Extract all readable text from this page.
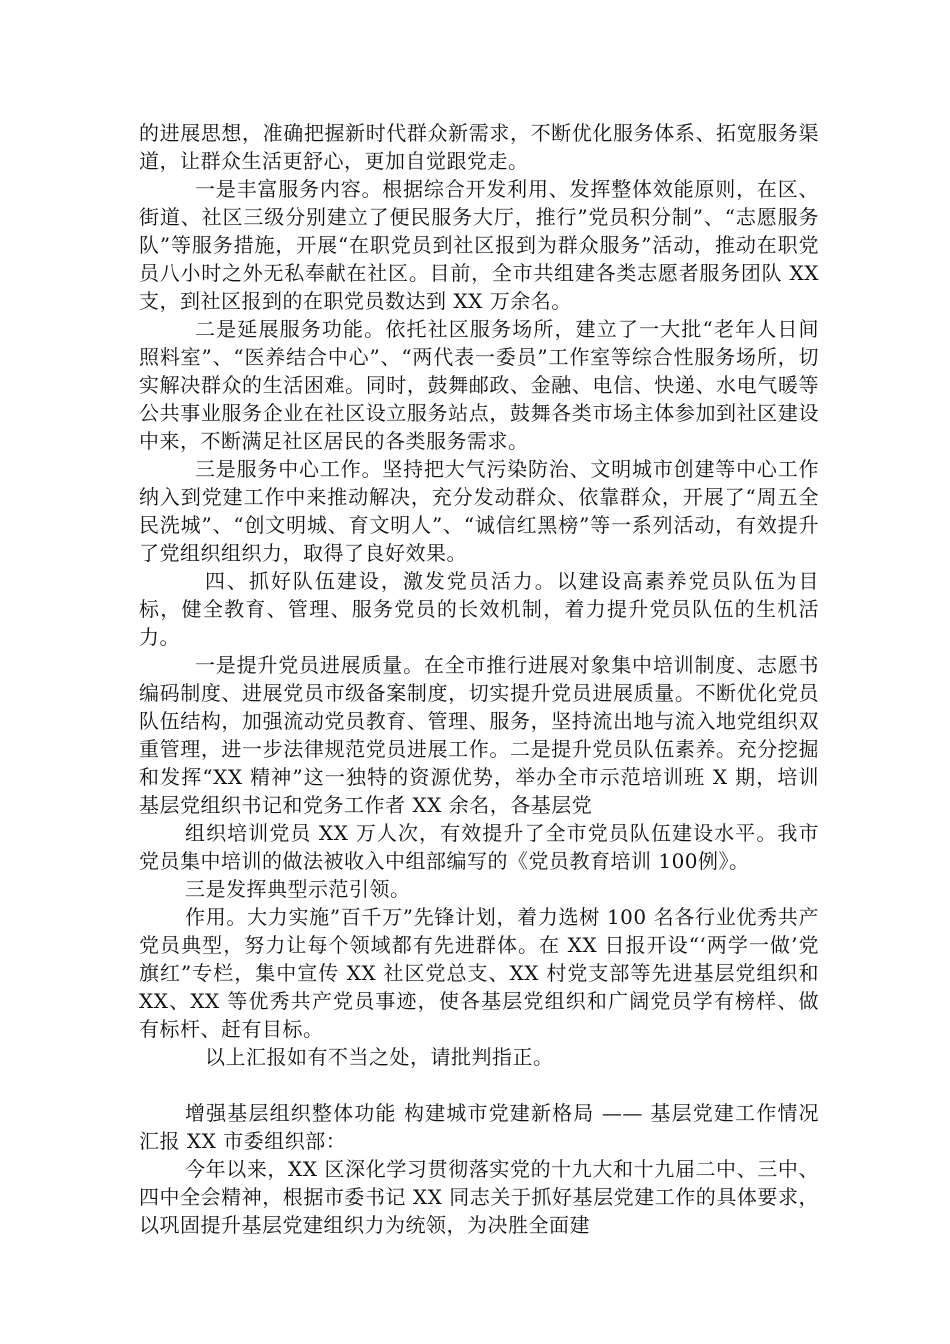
的进展思想，准确把握新时代群众新需求，不断优化服务体系、拓宽服务渠道，让群众生活更舒心，更加自觉跟党走。

一是丰富服务内容。根据综合开发利用、发挥整体效能原则，在区、街道、社区三级分别建立了便民服务大厅，推行”党员积分制”、“志愿服务队”等服务措施，开展“在职党员到社区报到为群众服务”活动，推动在职党员八小时之外无私奉献在社区。目前，全市共组建各类志愿者服务团队 XX支，到社区报到的在职党员数达到 XX 万余名。

二是延展服务功能。依托社区服务场所，建立了一大批“老年人日间照料室”、“医养结合中心”、“两代表一委员”工作室等综合性服务场所，切实解决群众的生活困难。同时，鼓舞邮政、金融、电信、快递、水电气暖等公共事业服务企业在社区设立服务站点，鼓舞各类市场主体参加到社区建设中来，不断满足社区居民的各类服务需求。

三是服务中心工作。坚持把大气污染防治、文明城市创建等中心工作纳入到党建工作中来推动解决，充分发动群众、依靠群众，开展了“周五全民洗城”、“创文明城、育文明人”、“诚信红黑榜”等一系列活动，有效提升了党组织组织力，取得了良好效果。

四、抓好队伍建设，激发党员活力。以建设高素养党员队伍为目标，健全教育、管理、服务党员的长效机制，着力提升党员队伍的生机活力。

一是提升党员进展质量。在全市推行进展对象集中培训制度、志愿书编码制度、进展党员市级备案制度，切实提升党员进展质量。不断优化党员队伍结构，加强流动党员教育、管理、服务，坚持流出地与流入地党组织双重管理，进一步法律规范党员进展工作。二是提升党员队伍素养。充分挖掘和发挥“XX 精神”这一独特的资源优势，举办全市示范培训班 X 期，培训基层党组织书记和党务工作者 XX 余名，各基层党

组织培训党员 XX 万人次，有效提升了全市党员队伍建设水平。我市党员集中培训的做法被收入中组部编写的《党员教育培训 100例》。

三是发挥典型示范引领。

作用。大力实施”百千万”先锋计划，着力选树 100 名各行业优秀共产党员典型，努力让每个领域都有先进群体。在 XX 日报开设“‘两学一做’党旗红”专栏，集中宣传 XX 社区党总支、XX 村党支部等先进基层党组织和 XX、XX 等优秀共产党员事迹，使各基层党组织和广阔党员学有榜样、做有标杆、赶有目标。

以上汇报如有不当之处，请批判指正。

增强基层组织整体功能 构建城市党建新格局 —— 基层党建工作情况汇报 XX 市委组织部：

今年以来，XX 区深化学习贯彻落实党的十九大和十九届二中、三中、四中全会精神，根据市委书记 XX 同志关于抓好基层党建工作的具体要求，以巩固提升基层党建组织力为统领，为决胜全面建
